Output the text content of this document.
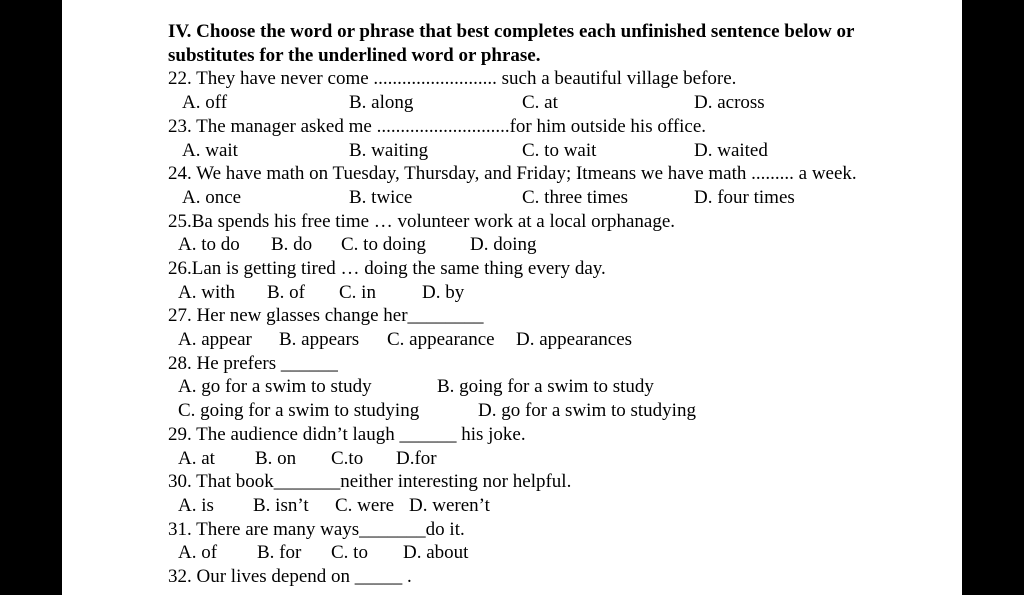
IV. Choose the word or phrase that best completes each unfinished sentence below or
substitutes for the underlined word or phrase.
22. They have never come .......................... such a beautiful village before.
A. off	B. along	C. at	D. across
23. The manager asked me ............................for him outside his office.
A. wait	B. waiting	C. to wait	D. waited
24. We have math on Tuesday, Thursday, and Friday; Itmeans we have math ......... a week.
A. once	B. twice	C. three times	D. four times
25.Ba spends his free time … volunteer work at a local orphanage.
A. to do B. do C. to doing D. doing
26.Lan is getting tired … doing the same thing every day.
A. with B. of C. in D. by
27. Her new glasses change her________
A. appear B. appears C. appearance D. appearances
28. He prefers ______
A. go for a swim to study	B. going for a swim to study
C. going for a swim to studying	D. go for a swim to studying
29. The audience didn’t laugh ______ his joke.
A. at B. on C.to D.for
30. That book_______neither interesting nor helpful.
A. is B. isn’t C. were D. weren’t
31. There are many ways_______do it.
A. of B. for C. to D. about
32. Our lives depend on _____ .
